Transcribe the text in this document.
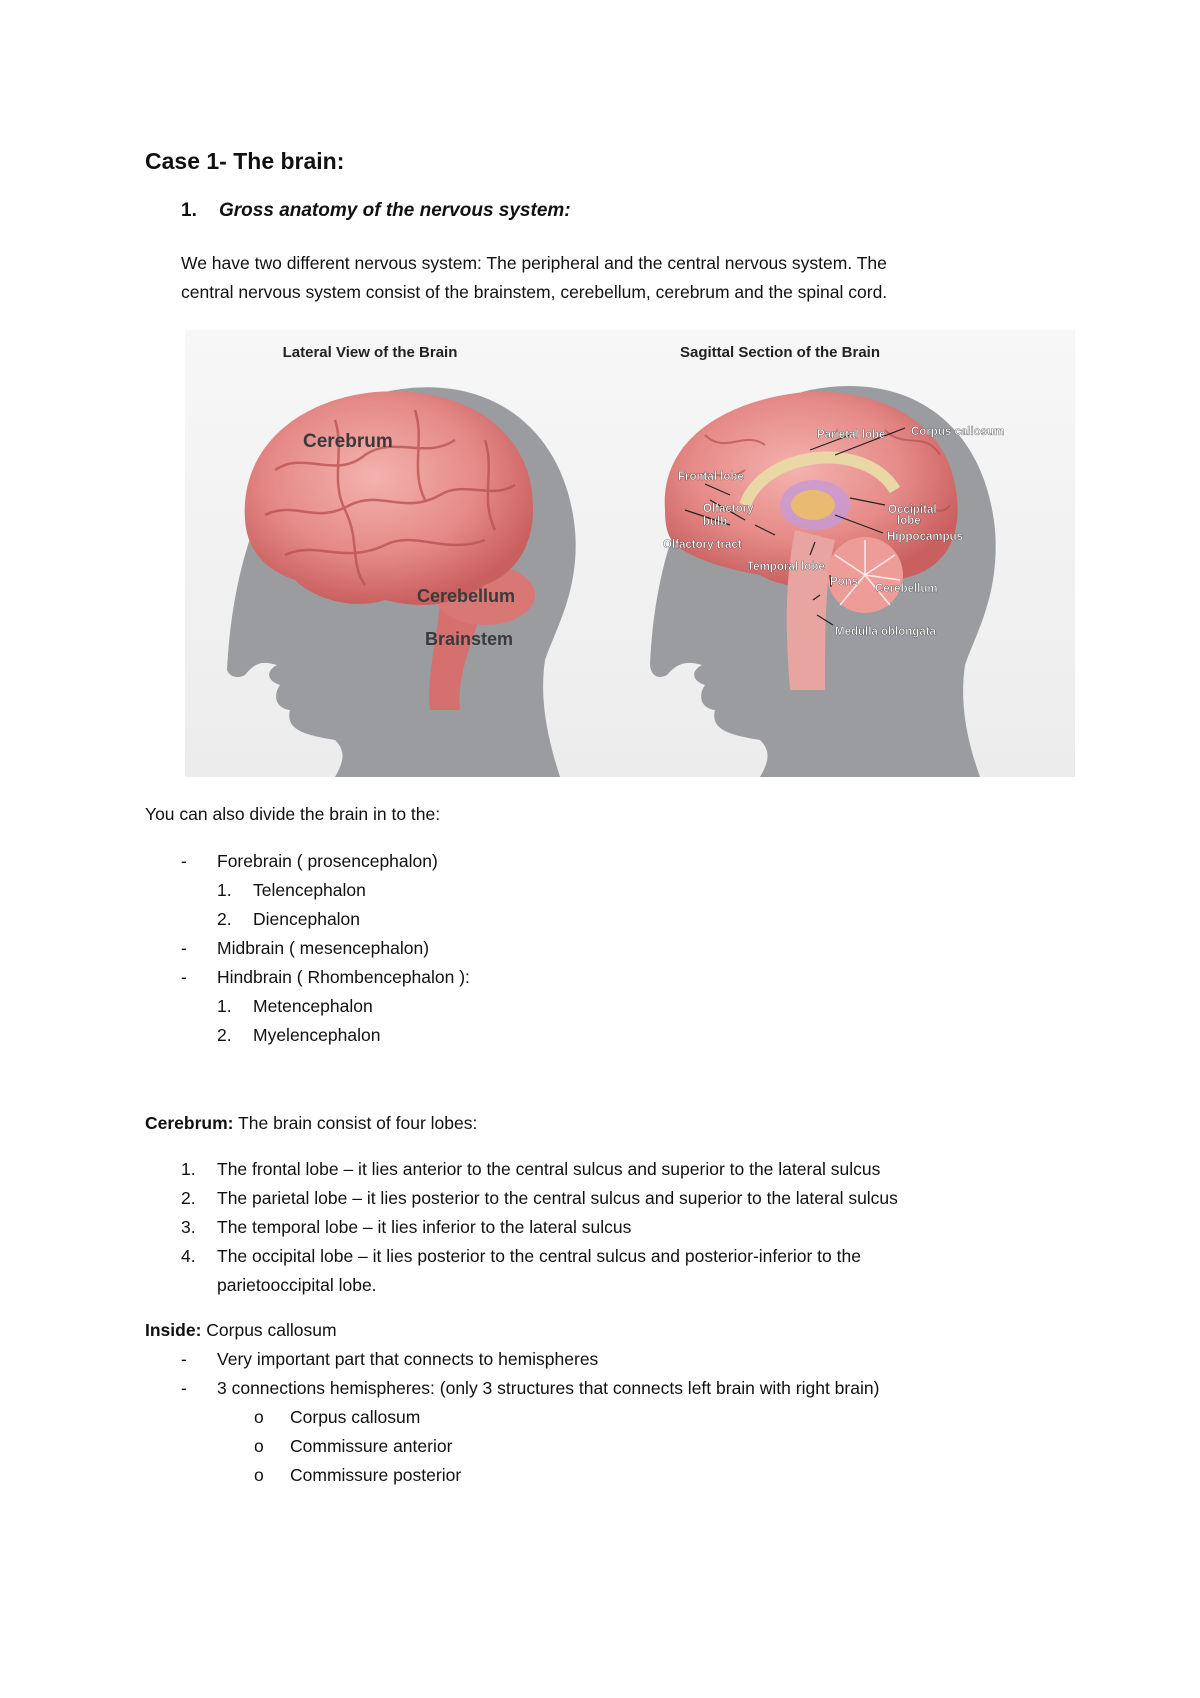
Case 1- The brain:

1. Gross anatomy of the nervous system:

We have two different nervous system: The peripheral and the central nervous system. The
central nervous system consist of the brainstem, cerebellum, cerebrum and the spinal cord.
Lateral View of the Brain
Cerebrum
Cerebellum
Brainstem
Sagittal Section of the Brain
Parietal lobe Corpus callosum
Frontal lobe
Olfactory
bulb
Occipital
lobe
Hippocampus
Olfactory tract
Temporal lobe
Pons
Cerebellum
Medulla oblongata

You can also divide the brain in to the:

- Forebrain ( prosencephalon)
1. Telencephalon
2. Diencephalon
- Midbrain ( mesencephalon)
- Hindbrain ( Rhombencephalon ):
1. Metencephalon
2. Myelencephalon

Cerebrum: The brain consist of four lobes:

1. The frontal lobe – it lies anterior to the central sulcus and superior to the lateral sulcus
2. The parietal lobe – it lies posterior to the central sulcus and superior to the lateral sulcus
3. The temporal lobe – it lies inferior to the lateral sulcus
4. The occipital lobe – it lies posterior to the central sulcus and posterior-inferior to the
parietooccipital lobe.

Inside: Corpus callosum

- Very important part that connects to hemispheres
- 3 connections hemispheres: (only 3 structures that connects left brain with right brain)
o Corpus callosum
o Commissure anterior
o Commissure posterior
